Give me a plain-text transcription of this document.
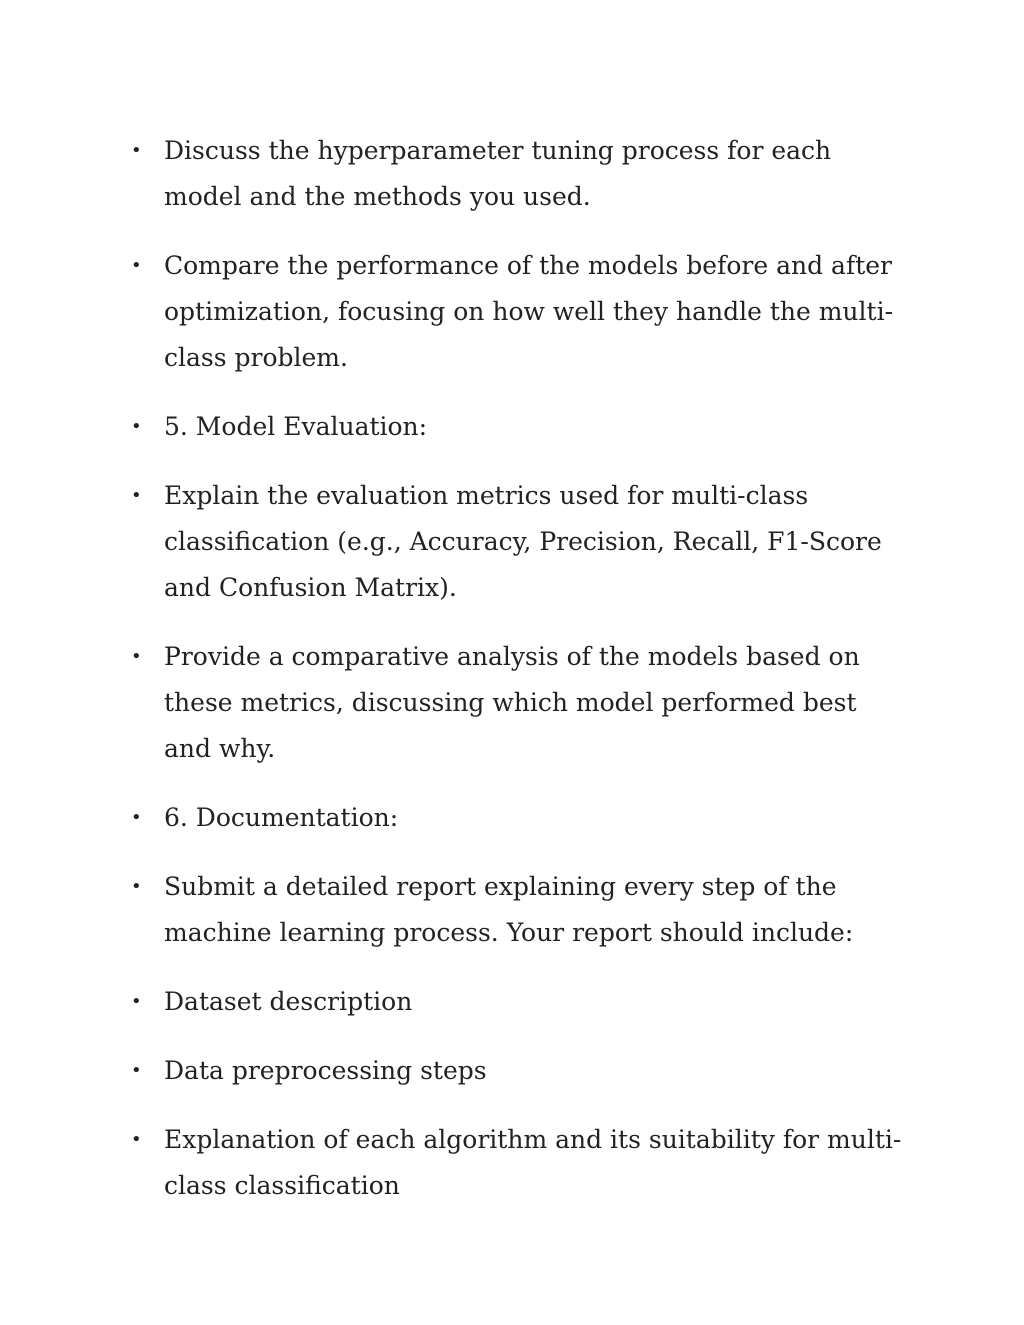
• Discuss the hyperparameter tuning process for each model and the methods you used.
• Compare the performance of the models before and after optimization, focusing on how well they handle the multi-class problem.
• 5. Model Evaluation:
• Explain the evaluation metrics used for multi-class classification (e.g., Accuracy, Precision, Recall, F1-Score and Confusion Matrix).
• Provide a comparative analysis of the models based on these metrics, discussing which model performed best and why.
• 6. Documentation:
• Submit a detailed report explaining every step of the machine learning process. Your report should include:
• Dataset description
• Data preprocessing steps
• Explanation of each algorithm and its suitability for multi-class classification
